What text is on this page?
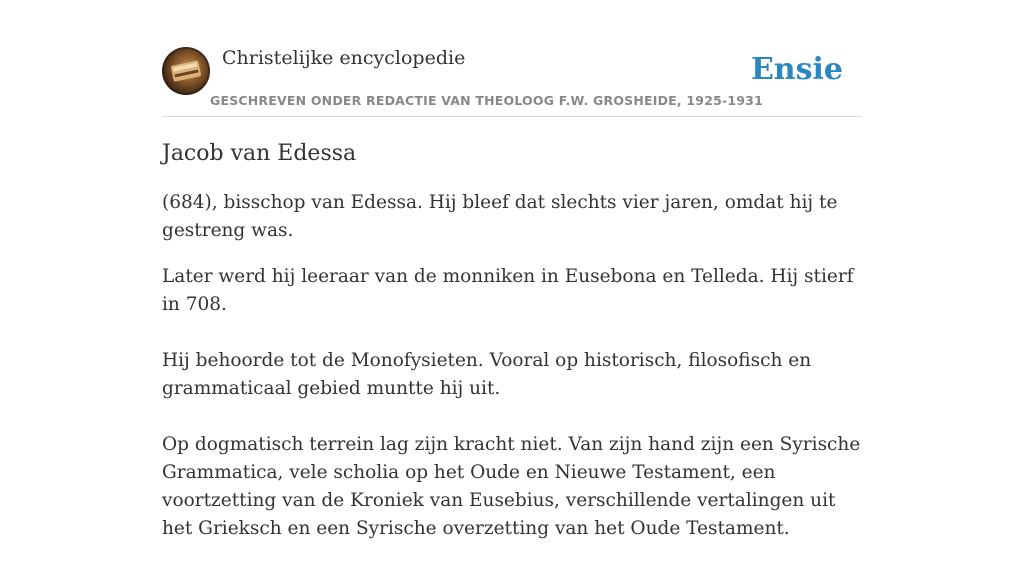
Christelijke encyclopedie
GESCHREVEN ONDER REDACTIE VAN THEOLOOG F.W. GROSHEIDE, 1925-1931
Ensie
Jacob van Edessa

(684), bisschop van Edessa. Hij bleef dat slechts vier jaren, omdat hij te gestreng was.

Later werd hij leeraar van de monniken in Eusebona en Telleda. Hij stierf in 708.

Hij behoorde tot de Monofysieten. Vooral op historisch, filosofisch en grammaticaal gebied muntte hij uit.

Op dogmatisch terrein lag zijn kracht niet. Van zijn hand zijn een Syrische Grammatica, vele scholia op het Oude en Nieuwe Testament, een voortzetting van de Kroniek van Eusebius, verschillende vertalingen uit het Grieksch en een Syrische overzetting van het Oude Testament.
